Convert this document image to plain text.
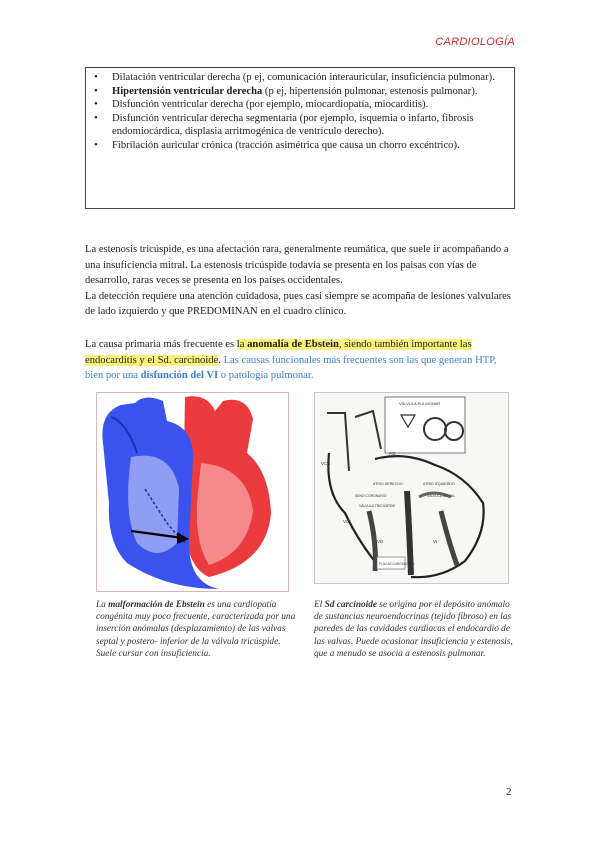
CARDIOLOGÍA
• Dilatación ventricular derecha (p ej, comunicación interauricular, insuficiencia pulmonar).
• Hipertensión ventricular derecha (p ej, hipertensión pulmonar, estenosis pulmonar).
• Disfunción ventricular derecha (por ejemplo, miocardiopatía, miocarditis).
• Disfunción ventricular derecha segmentaria (por ejemplo, isquemia o infarto, fibrosis endomiocárdica, displasia arritmogénica de ventrículo derecho).
• Fibrilación auricular crónica (tracción asimétrica que causa un chorro excéntrico).
La estenosis tricúspide, es una afectación rara, generalmente reumática, que suele ir acompañando a una insuficiencia mitral. La estenosis tricúspide todavía se presenta en los paisas con vías de desarrollo, raras veces se presenta en los países occidentales.
La detección requiere una atención cuidadosa, pues casi siempre se acompaña de lesiones valvulares de lado izquierdo y que PREDOMINAN en el cuadro clínico.
La causa primaria más frecuente es la anomalía de Ebstein, siendo también importante las endocarditis y el Sd. carcinoide. Las causas funcionales más frecuentes son las que generan HTP, bien por una disfunción del VI o patología pulmonar.
VÁLVULA PULMONAR
VCS
AO
ATRIO DERECHO	ATRIO IZQUIERDO
SENO CORONARIO
VÁLVULA TRICÚSPIDE
VÁLVULA MITRAL
VCI
VD	VI
PLACAS CARCINOIDES
La malformación de Ebstein es una cardiopatía congénita muy poco frecuente, caracterizada por una inserción anómalas (desplazamiento) de las valvas septal y postero- inferior de la válvula tricúspide. Suele cursar con insuficiencia.
El Sd carcinoide se origina por el depósito anómalo de sustancias neuroendocrinas (tejido fibroso) en las paredes de las cavidades cardiacas el endocardio de las valvas. Puede ocasionar insuficiencia y estenosis, que a menudo se asocia a estenosis pulmonar.
2
